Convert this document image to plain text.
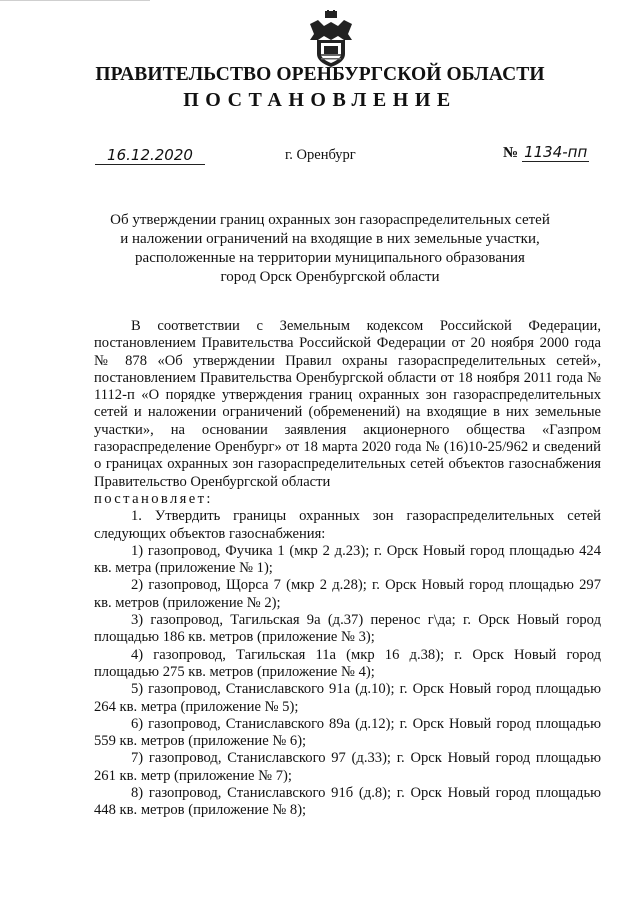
ПРАВИТЕЛЬСТВО ОРЕНБУРГСКОЙ ОБЛАСТИ
ПОСТАНОВЛЕНИЕ
16.12.2020	г. Оренбург	№ 1134-пп
Об утверждении границ охранных зон газораспределительных сетей
и наложении ограничений на входящие в них земельные участки,
расположенные на территории муниципального образования
город Орск Оренбургской области

В соответствии с Земельным кодексом Российской Федерации, постановлением Правительства Российской Федерации от 20 ноября 2000 года № 878 «Об утверждении Правил охраны газораспределительных сетей», постановлением Правительства Оренбургской области от 18 ноября 2011 года № 1112-п «О порядке утверждения границ охранных зон газораспределительных сетей и наложении ограничений (обременений) на входящие в них земельные участки», на основании заявления акционерного общества «Газпром газораспределение Оренбург» от 18 марта 2020 года № (16)10-25/962 и сведений о границах охранных зон газораспределительных сетей объектов газоснабжения Правительство Оренбургской области

постановляет:

1. Утвердить границы охранных зон газораспределительных сетей следующих объектов газоснабжения:

1) газопровод, Фучика 1 (мкр 2 д.23); г. Орск Новый город площадью 424 кв. метра (приложение № 1);

2) газопровод, Щорса 7 (мкр 2 д.28); г. Орск Новый город площадью 297 кв. метров (приложение № 2);

3) газопровод, Тагильская 9а (д.37) перенос г\да; г. Орск Новый город площадью 186 кв. метров (приложение № 3);

4) газопровод, Тагильская 11а (мкр 16 д.38); г. Орск Новый город площадью 275 кв. метров (приложение № 4);

5) газопровод, Станиславского 91а (д.10); г. Орск Новый город площадью 264 кв. метра (приложение № 5);

6) газопровод, Станиславского 89а (д.12); г. Орск Новый город площадью 559 кв. метров (приложение № 6);

7) газопровод, Станиславского 97 (д.33); г. Орск Новый город площадью 261 кв. метр (приложение № 7);

8) газопровод, Станиславского 91б (д.8); г. Орск Новый город площадью 448 кв. метров (приложение № 8);
